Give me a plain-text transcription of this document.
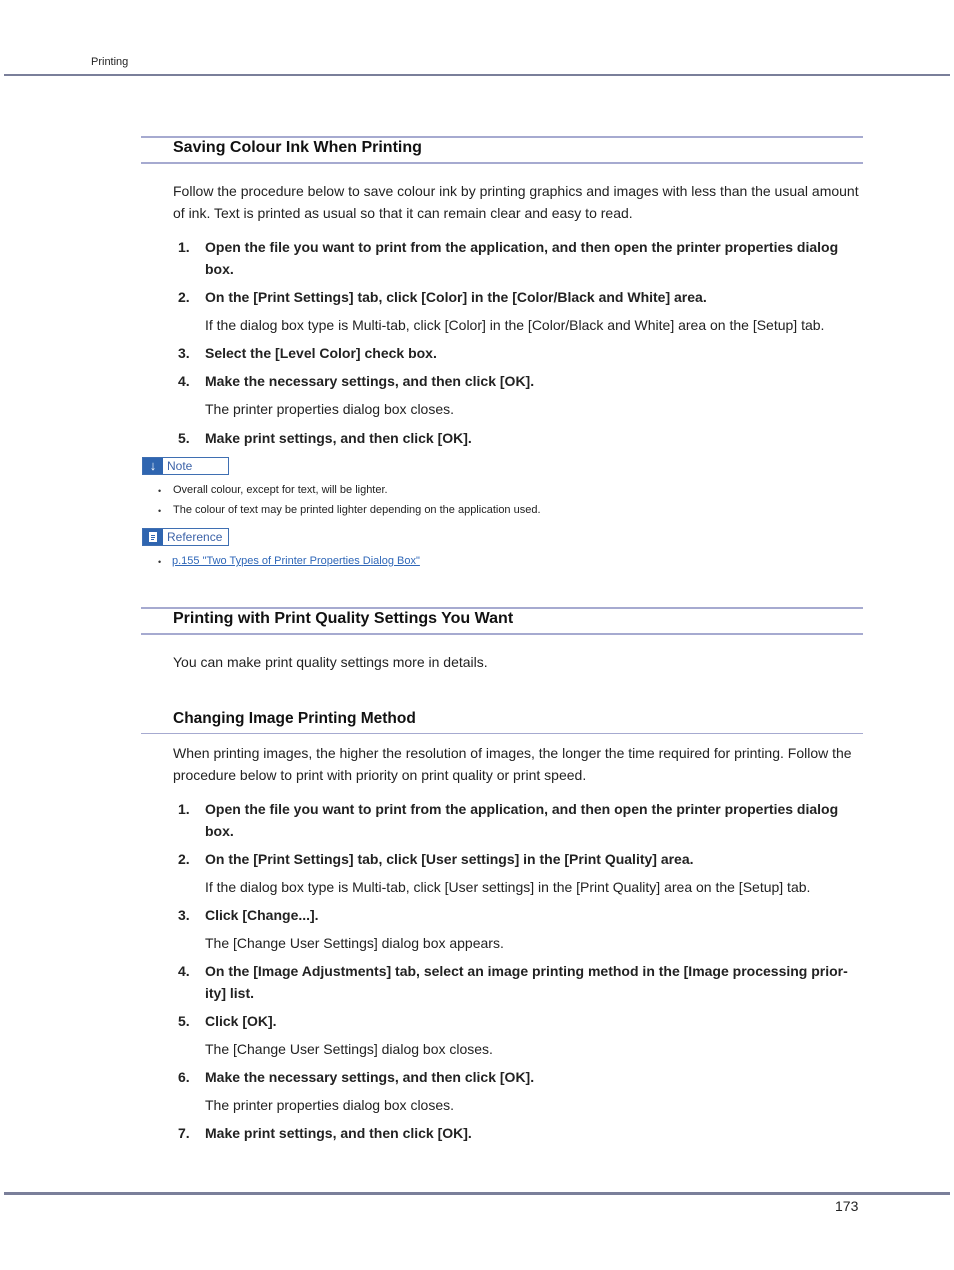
Printing
Saving Colour Ink When Printing
Follow the procedure below to save colour ink by printing graphics and images with less than the usual amount
of ink. Text is printed as usual so that it can remain clear and easy to read.
1. Open the file you want to print from the application, and then open the printer properties dialog
box.
2. On the [Print Settings] tab, click [Color] in the [Color/Black and White] area.
If the dialog box type is Multi-tab, click [Color] in the [Color/Black and White] area on the [Setup] tab.
3. Select the [Level Color] check box.
4. Make the necessary settings, and then click [OK].
The printer properties dialog box closes.
5. Make print settings, and then click [OK].
↓ Note
• Overall colour, except for text, will be lighter.
• The colour of text may be printed lighter depending on the application used.
Reference
• p.155 "Two Types of Printer Properties Dialog Box"
Printing with Print Quality Settings You Want
You can make print quality settings more in details.
Changing Image Printing Method
When printing images, the higher the resolution of images, the longer the time required for printing. Follow the
procedure below to print with priority on print quality or print speed.
1. Open the file you want to print from the application, and then open the printer properties dialog
box.
2. On the [Print Settings] tab, click [User settings] in the [Print Quality] area.
If the dialog box type is Multi-tab, click [User settings] in the [Print Quality] area on the [Setup] tab.
3. Click [Change...].
The [Change User Settings] dialog box appears.
4. On the [Image Adjustments] tab, select an image printing method in the [Image processing prior-
ity] list.
5. Click [OK].
The [Change User Settings] dialog box closes.
6. Make the necessary settings, and then click [OK].
The printer properties dialog box closes.
7. Make print settings, and then click [OK].
173
